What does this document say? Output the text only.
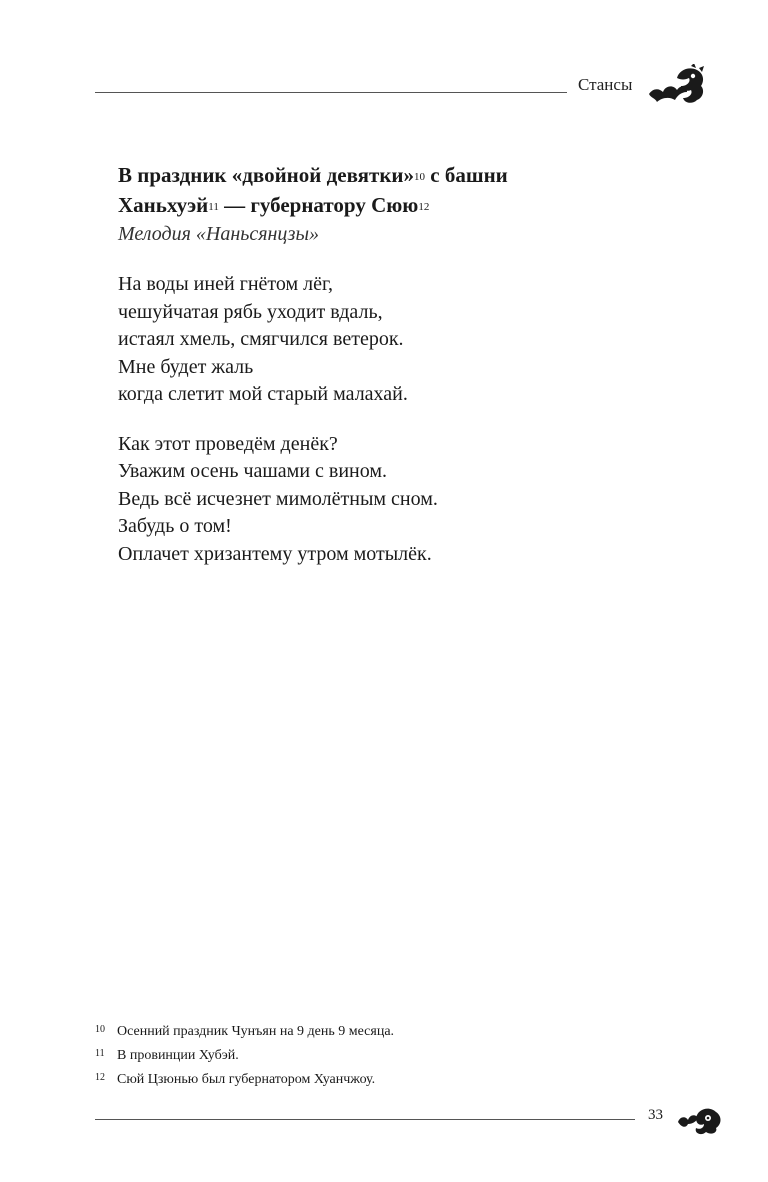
Стансы
В праздник «двойной девятки»$^{10}$ с башни
Ханьхуэй$^{11}$ — губернатору Сюю$^{12}$
Мелодия «Наньсянцзы»
На воды иней гнётом лёг,
чешуйчатая рябь уходит вдаль,
истаял хмель, смягчился ветерок.
Мне будет жаль
когда слетит мой старый малахай.
Как этот проведём денёк?
Уважим осень чашами с вином.
Ведь всё исчезнет мимолётным сном.
Забудь о том!
Оплачет хризантему утром мотылёк.
10 Осенний праздник Чунъян на 9 день 9 месяца.
11 В провинции Хубэй.
12 Сюй Цзюнью был губернатором Хуанчжоу.
33
